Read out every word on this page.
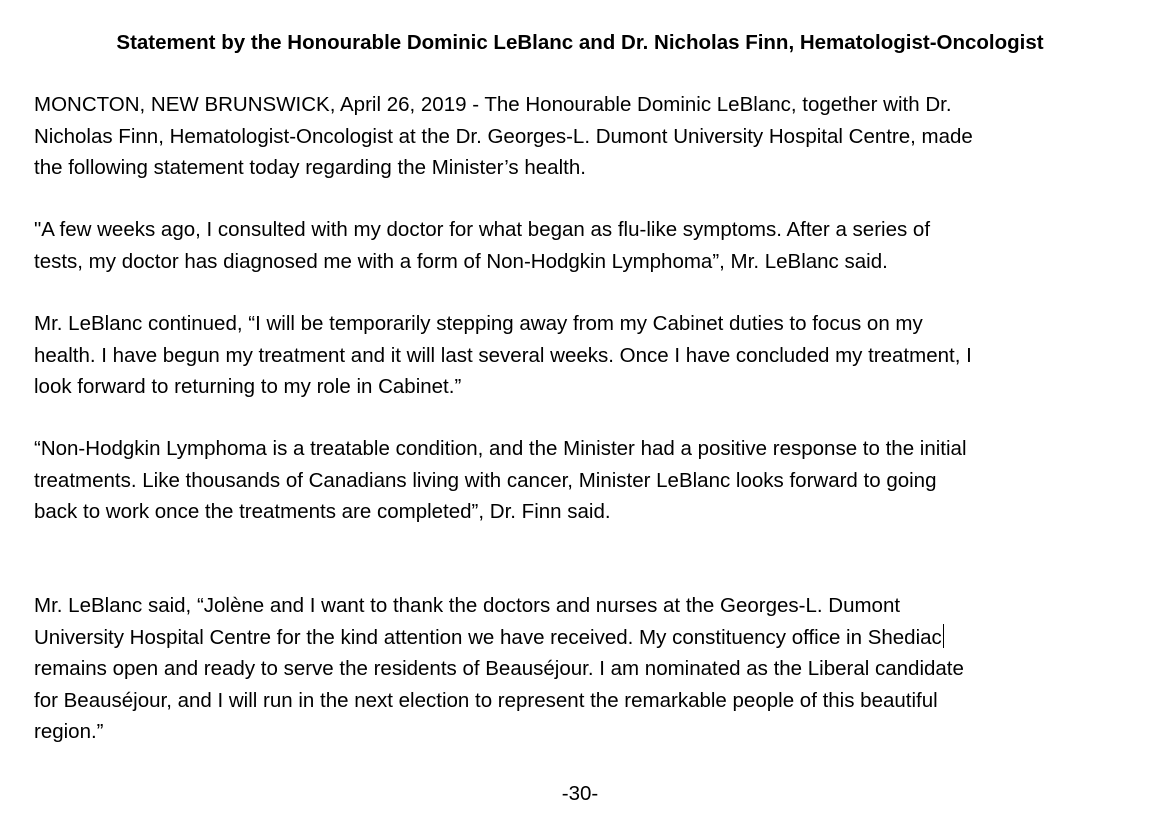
Statement by the Honourable Dominic LeBlanc and Dr. Nicholas Finn, Hematologist-Oncologist

MONCTON, NEW BRUNSWICK, April 26, 2019 - The Honourable Dominic LeBlanc, together with Dr.
Nicholas Finn, Hematologist-Oncologist at the Dr. Georges-L. Dumont University Hospital Centre, made
the following statement today regarding the Minister’s health.

"A few weeks ago, I consulted with my doctor for what began as flu-like symptoms. After a series of
tests, my doctor has diagnosed me with a form of Non-Hodgkin Lymphoma”, Mr. LeBlanc said.

Mr. LeBlanc continued, “I will be temporarily stepping away from my Cabinet duties to focus on my
health. I have begun my treatment and it will last several weeks. Once I have concluded my treatment, I
look forward to returning to my role in Cabinet.”

“Non-Hodgkin Lymphoma is a treatable condition, and the Minister had a positive response to the initial
treatments. Like thousands of Canadians living with cancer, Minister LeBlanc looks forward to going
back to work once the treatments are completed”, Dr. Finn said.

Mr. LeBlanc said, “Jolène and I want to thank the doctors and nurses at the Georges-L. Dumont
University Hospital Centre for the kind attention we have received. My constituency office in Shediac
remains open and ready to serve the residents of Beauséjour. I am nominated as the Liberal candidate
for Beauséjour, and I will run in the next election to represent the remarkable people of this beautiful
region.”

-30-
